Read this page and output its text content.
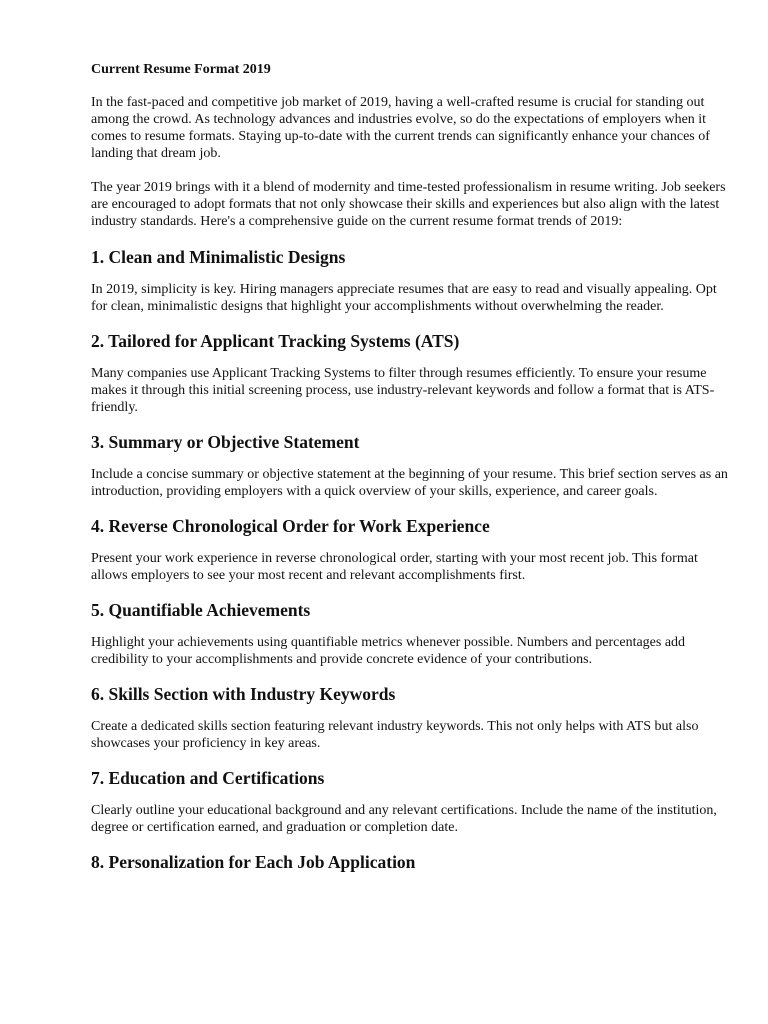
Current Resume Format 2019

In the fast-paced and competitive job market of 2019, having a well-crafted resume is crucial for standing out among the crowd. As technology advances and industries evolve, so do the expectations of employers when it comes to resume formats. Staying up-to-date with the current trends can significantly enhance your chances of landing that dream job.

The year 2019 brings with it a blend of modernity and time-tested professionalism in resume writing. Job seekers are encouraged to adopt formats that not only showcase their skills and experiences but also align with the latest industry standards. Here's a comprehensive guide on the current resume format trends of 2019:

1. Clean and Minimalistic Designs

In 2019, simplicity is key. Hiring managers appreciate resumes that are easy to read and visually appealing. Opt for clean, minimalistic designs that highlight your accomplishments without overwhelming the reader.

2. Tailored for Applicant Tracking Systems (ATS)

Many companies use Applicant Tracking Systems to filter through resumes efficiently. To ensure your resume makes it through this initial screening process, use industry-relevant keywords and follow a format that is ATS-friendly.

3. Summary or Objective Statement

Include a concise summary or objective statement at the beginning of your resume. This brief section serves as an introduction, providing employers with a quick overview of your skills, experience, and career goals.

4. Reverse Chronological Order for Work Experience

Present your work experience in reverse chronological order, starting with your most recent job. This format allows employers to see your most recent and relevant accomplishments first.

5. Quantifiable Achievements

Highlight your achievements using quantifiable metrics whenever possible. Numbers and percentages add credibility to your accomplishments and provide concrete evidence of your contributions.

6. Skills Section with Industry Keywords

Create a dedicated skills section featuring relevant industry keywords. This not only helps with ATS but also showcases your proficiency in key areas.

7. Education and Certifications

Clearly outline your educational background and any relevant certifications. Include the name of the institution, degree or certification earned, and graduation or completion date.

8. Personalization for Each Job Application
